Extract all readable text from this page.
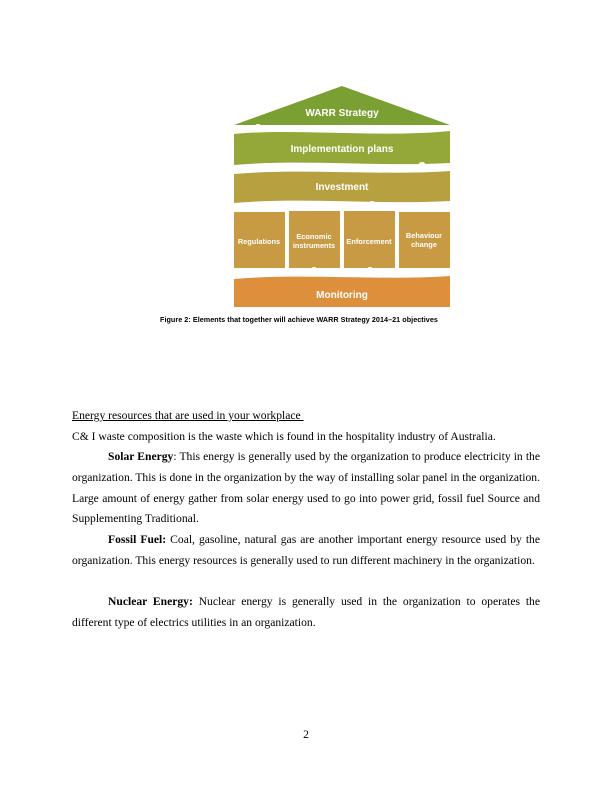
WARR Strategy
Implementation plans
Investment
Regulations
Economic
instruments Enforcement
Behaviour
change
Monitoring
Figure 2: Elements that together will achieve WARR Strategy 2014–21 objectives
Energy resources that are used in your workplace
C& I waste composition is the waste which is found in the hospitality industry of Australia.
Solar Energy: This energy is generally used by the organization to produce electricity in the organization. This is done in the organization by the way of installing solar panel in the organization. Large amount of energy gather from solar energy used to go into power grid, fossil fuel Source and Supplementing Traditional.
Fossil Fuel: Coal, gasoline, natural gas are another important energy resource used by the organization. This energy resources is generally used to run different machinery in the organization.
Nuclear Energy: Nuclear energy is generally used in the organization to operates the different type of electrics utilities in an organization.
2
